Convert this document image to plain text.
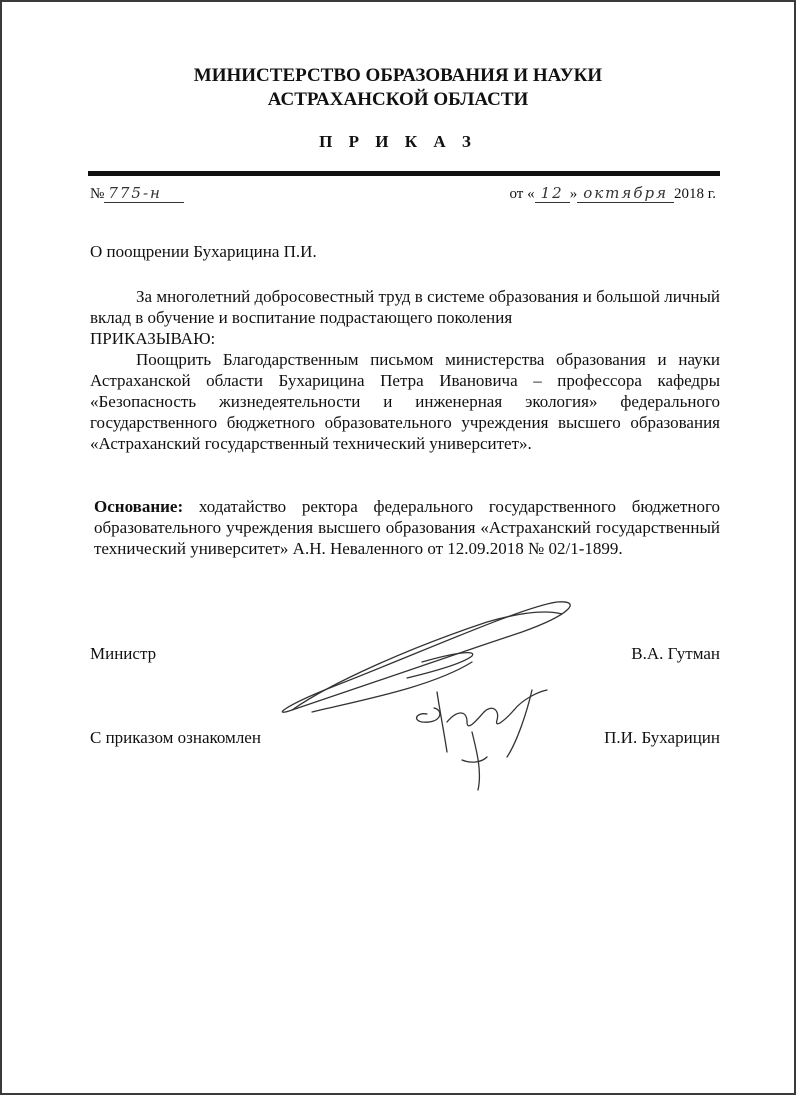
МИНИСТЕРСТВО ОБРАЗОВАНИЯ И НАУКИ
АСТРАХАНСКОЙ ОБЛАСТИ
П Р И К А З
№ 775-н	от « 12 » октября 2018 г.
О поощрении Бухарицина П.И.

За многолетний добросовестный труд в системе образования и большой личный вклад в обучение и воспитание подрастающего поколения

ПРИКАЗЫВАЮ:

Поощрить Благодарственным письмом министерства образования и науки Астраханской области Бухарицина Петра Ивановича – профессора кафедры «Безопасность жизнедеятельности и инженерная экология» федерального государственного бюджетного образовательного учреждения высшего образования «Астраханский государственный технический университет».

Основание: ходатайство ректора федерального государственного бюджетного образовательного учреждения высшего образования «Астраханский государственный технический университет» А.Н. Неваленного от 12.09.2018 № 02/1-1899.
Министр	В.А. Гутман
С приказом ознакомлен	П.И. Бухарицин
